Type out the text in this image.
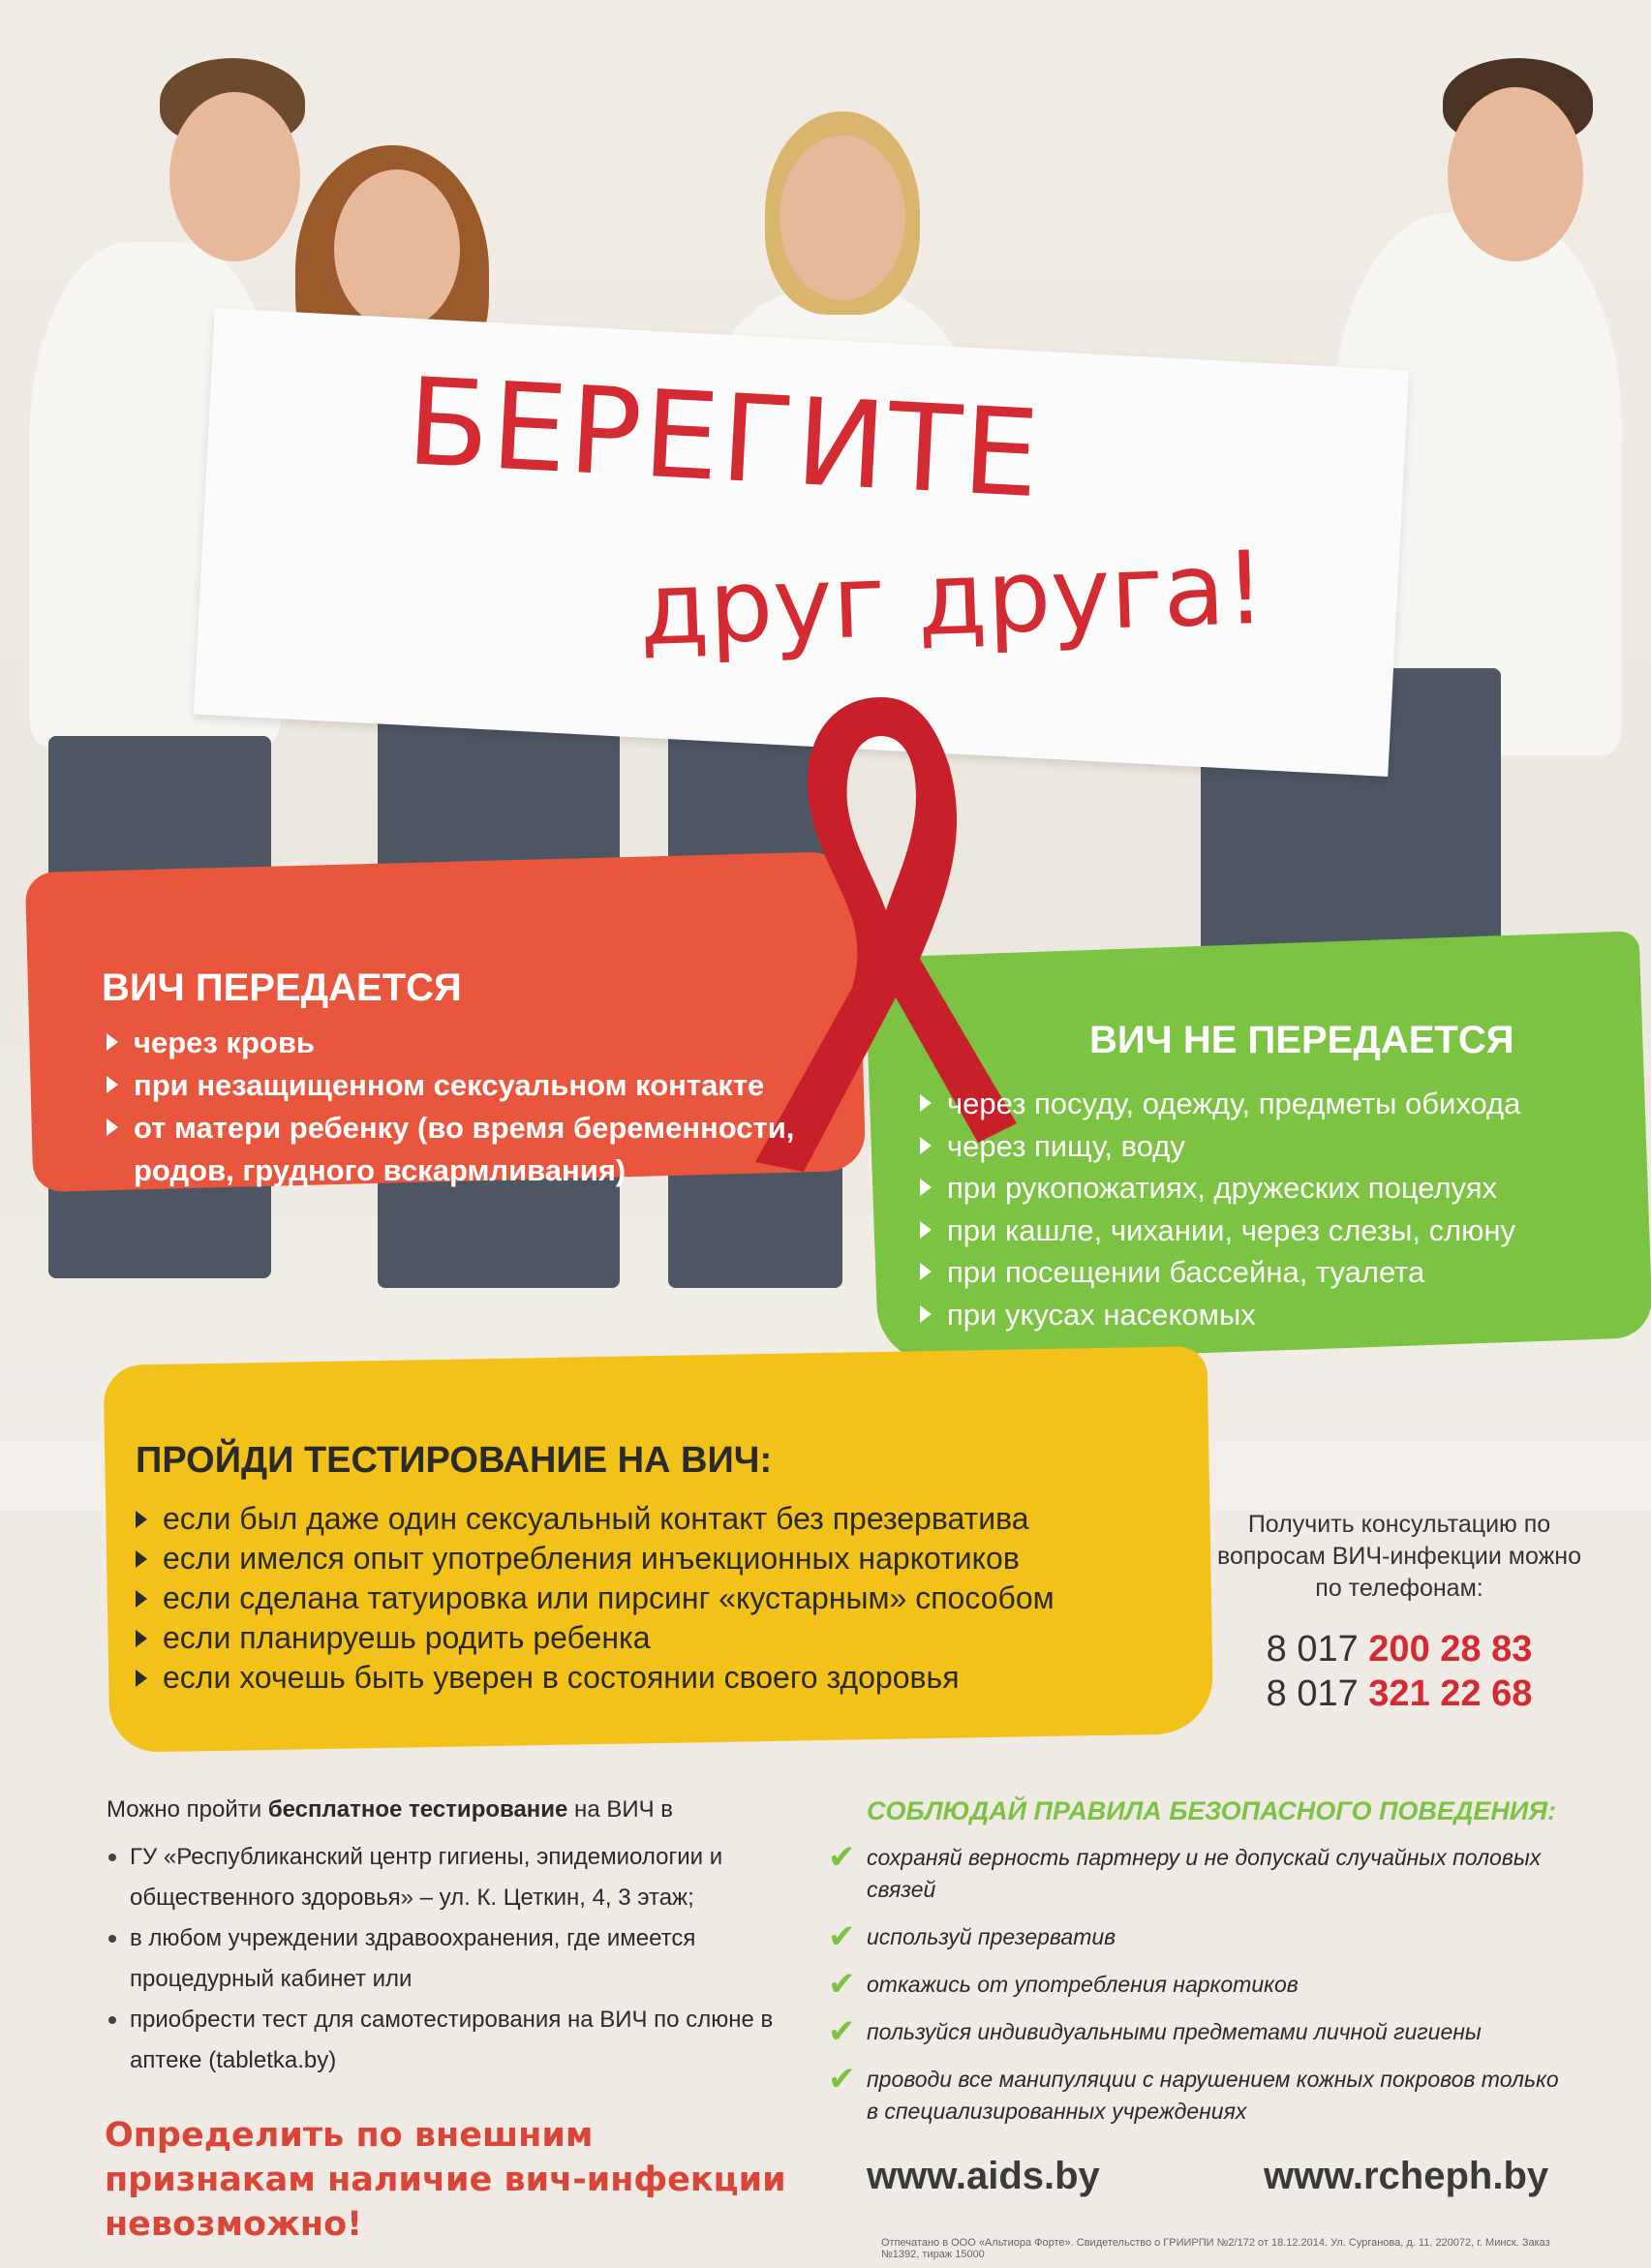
БЕРЕГИТЕ
друг друга!
ВИЧ ПЕРЕДАЕТСЯ
через кровь
при незащищенном сексуальном контакте
от матери ребенку (во время беременности, родов, грудного вскармливания)
ВИЧ НЕ ПЕРЕДАЕТСЯ
через посуду, одежду, предметы обихода
через пищу, воду
при рукопожатиях, дружеских поцелуях
при кашле, чихании, через слезы, слюну
при посещении бассейна, туалета
при укусах насекомых
ПРОЙДИ ТЕСТИРОВАНИЕ НА ВИЧ:
если был даже один сексуальный контакт без презерватива
если имелся опыт употребления инъекционных наркотиков
если сделана татуировка или пирсинг «кустарным» способом
если планируешь родить ребенка
если хочешь быть уверен в состоянии своего здоровья
Получить консультацию по вопросам ВИЧ-инфекции можно по телефонам:
8 017 200 28 83
8 017 321 22 68
Можно пройти бесплатное тестирование на ВИЧ в
ГУ «Республиканский центр гигиены, эпидемиологии и общественного здоровья» – ул. К. Цеткин, 4, 3 этаж;
в любом учреждении здравоохранения, где имеется процедурный кабинет или
приобрести тест для самотестирования на ВИЧ по слюне в аптеке (tabletka.by)
Определить по внешним признакам наличие вич-инфекции невозможно!
СОБЛЮДАЙ ПРАВИЛА БЕЗОПАСНОГО ПОВЕДЕНИЯ:
✔ сохраняй верность партнеру и не допускай случайных половых связей
✔ используй презерватив
✔ откажись от употребления наркотиков
✔ пользуйся индивидуальными предметами личной гигиены
✔ проводи все манипуляции с нарушением кожных покровов только в специализированных учреждениях
www.aids.by	www.rcheph.by
Отпечатано в ООО «Альтиора Форте». Свидетельство о ГРИИРПИ №2/172 от 18.12.2014. Ул. Сурганова, д. 11, 220072, г. Минск. Заказ №1392, тираж 15000
